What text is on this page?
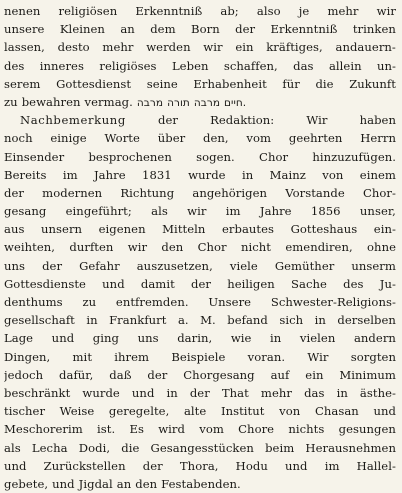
nenen religiösen Erkenntniß ab; also je mehr wir
unsere Kleinen an dem Born der Erkenntniß trinken
lassen, desto mehr werden wir ein kräftiges, andauern-
des inneres religiöses Leben schaffen, das allein un-
serem Gottesdienst seine Erhabenheit für die Zukunft
zu bewahren vermag. מרבה תורה מרבה חיים.
Nachbemerkung	der	Redaktion:	Wir	haben
noch einige Worte über den, vom geehrten Herrn
Einsender besprochenen sogen. Chor hinzuzufügen.
Bereits im Jahre 1831 wurde in Mainz von einem
der modernen Richtung angehörigen Vorstande Chor-
gesang eingeführt; als wir im Jahre 1856 unser,
aus unsern eigenen Mitteln erbautes Gotteshaus ein-
weihten, durften wir den Chor nicht emendiren, ohne
uns der Gefahr auszusetzen, viele Gemüther unserm
Gottesdienste und damit der heiligen Sache des Ju-
denthums zu entfremden. Unsere Schwester-Religions-
gesellschaft in Frankfurt a. M. befand sich in derselben
Lage und ging uns darin, wie in vielen andern
Dingen, mit ihrem Beispiele voran. Wir sorgten
jedoch dafür, daß der Chorgesang auf ein Minimum
beschränkt wurde und in der That mehr das in ästhe-
tischer Weise geregelte, alte Institut von Chasan und
Meschorerim ist. Es wird vom Chore nichts gesungen
als Lecha Dodi, die Gesangesstücken beim Herausnehmen
und Zurückstellen der Thora, Hodu und im Hallel-
gebete, und Jigdal an den Festabenden.
